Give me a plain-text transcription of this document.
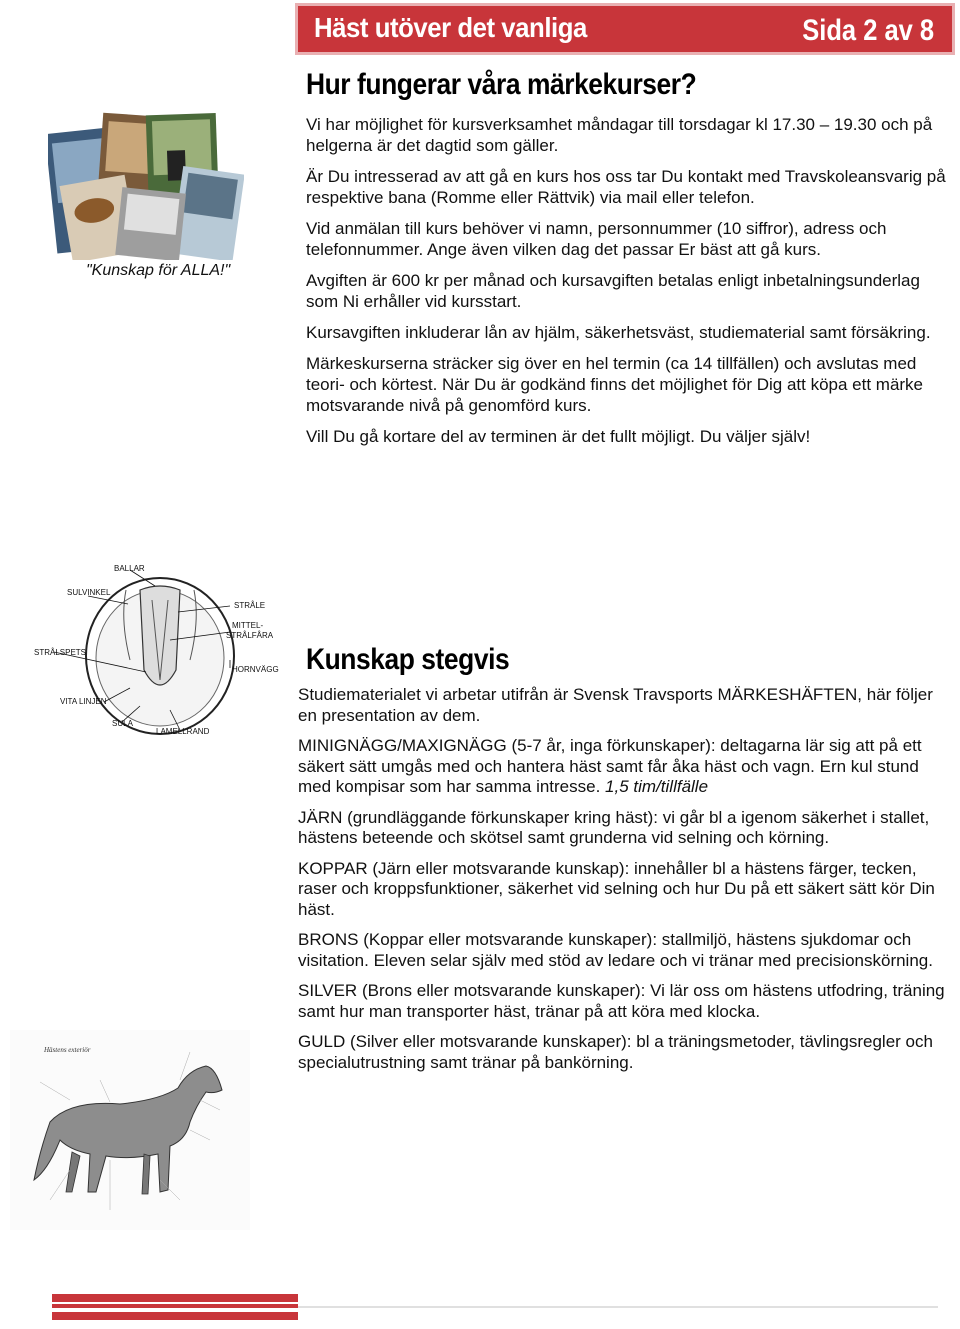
Häst utöver det vanliga	Sida 2 av 8
Hur fungerar våra märkekurser?
"Kunskap för ALLA!"

Vi har möjlighet för kursverksamhet måndagar till torsdagar kl 17.30 – 19.30 och på helgerna är det dagtid som gäller.

Är Du intresserad av att gå en kurs hos oss tar Du kontakt med Travskoleansvarig på respektive bana (Romme eller Rättvik) via mail eller telefon.

Vid anmälan till kurs behöver vi namn, personnummer (10 siffror), adress och telefonnummer. Ange även vilken dag det passar Er bäst att gå kurs.

Avgiften är 600 kr per månad och kursavgiften betalas enligt inbetalningsunderlag som Ni erhåller vid kursstart.

Kursavgiften inkluderar lån av hjälm, säkerhetsväst, studiematerial samt försäkring.

Märkeskurserna sträcker sig över en hel termin (ca 14 tillfällen) och avslutas med teori- och körtest. När Du är godkänd finns det möjlighet för Dig att köpa ett märke motsvarande nivå på genomförd kurs.

Vill Du gå kortare del av terminen är det fullt möjligt. Du väljer själv!

BALLAR
SULVINKEL
STRÅLE
MITTEL-
STRÅLFÅRA
STRÅLSPETS
HORNVÄGG
VITA LINJEN
SULA
LAMELLRAND
Kunskap stegvis

Studiematerialet vi arbetar utifrån är Svensk Travsports MÄRKESHÄFTEN, här följer en presentation av dem.

MINIGNÄGG/MAXIGNÄGG (5-7 år, inga förkunskaper): deltagarna lär sig att på ett säkert sätt umgås med och hantera häst samt får åka häst och vagn. Ern kul stund med kompisar som har samma intresse. 1,5 tim/tillfälle

JÄRN (grundläggande förkunskaper kring häst): vi går bl a igenom säkerhet i stallet, hästens beteende och skötsel samt grunderna vid selning och körning.

KOPPAR (Järn eller motsvarande kunskap): innehåller bl a hästens färger, tecken, raser och kroppsfunktioner, säkerhet vid selning och hur Du på ett säkert sätt kör Din häst.

BRONS (Koppar eller motsvarande kunskaper): stallmiljö, hästens sjukdomar och visitation. Eleven selar själv med stöd av ledare och vi tränar med precisionskörning.

SILVER (Brons eller motsvarande kunskaper): Vi lär oss om hästens utfodring, träning samt hur man transporter häst, tränar på att köra med klocka.

GULD (Silver eller motsvarande kunskaper): bl a träningsmetoder, tävlingsregler och specialutrustning samt tränar på bankörning.

Hästens exteriör
